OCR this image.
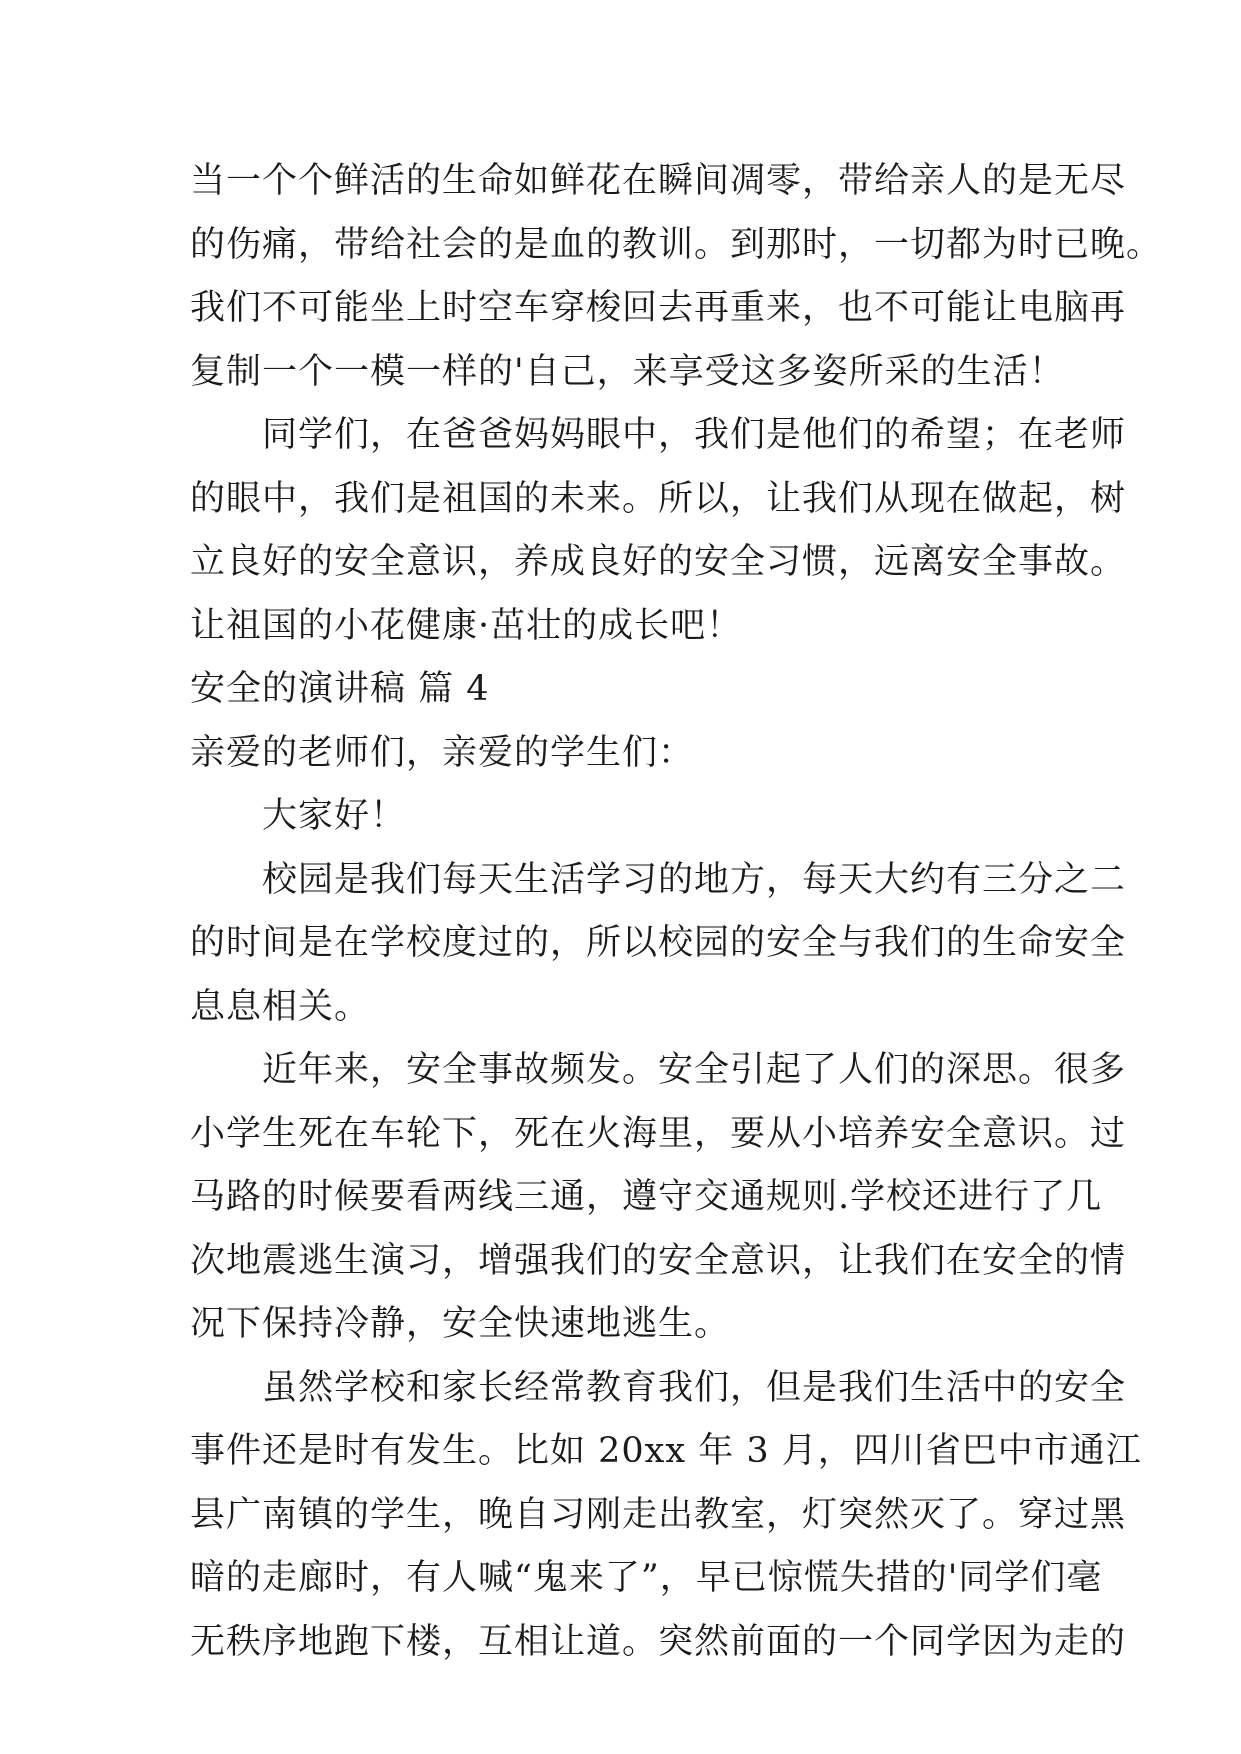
当一个个鲜活的生命如鲜花在瞬间凋零，带给亲人的是无尽

的伤痛，带给社会的是血的教训。到那时，一切都为时已晚。

我们不可能坐上时空车穿梭回去再重来，也不可能让电脑再

复制一个一模一样的'自己，来享受这多姿所采的生活！

　　同学们，在爸爸妈妈眼中，我们是他们的希望；在老师

的眼中，我们是祖国的未来。所以，让我们从现在做起，树

立良好的安全意识，养成良好的安全习惯，远离安全事故。

让祖国的小花健康·茁壮的成长吧！

安全的演讲稿 篇 4

亲爱的老师们，亲爱的学生们：

　　大家好！

　　校园是我们每天生活学习的地方，每天大约有三分之二

的时间是在学校度过的，所以校园的安全与我们的生命安全

息息相关。

　　近年来，安全事故频发。安全引起了人们的深思。很多

小学生死在车轮下，死在火海里，要从小培养安全意识。过

马路的时候要看两线三通，遵守交通规则.学校还进行了几

次地震逃生演习，增强我们的安全意识，让我们在安全的情

况下保持冷静，安全快速地逃生。

　　虽然学校和家长经常教育我们，但是我们生活中的安全

事件还是时有发生。比如 20xx 年 3 月，四川省巴中市通江

县广南镇的学生，晚自习刚走出教室，灯突然灭了。穿过黑

暗的走廊时，有人喊“鬼来了”，早已惊慌失措的'同学们毫

无秩序地跑下楼，互相让道。突然前面的一个同学因为走的
